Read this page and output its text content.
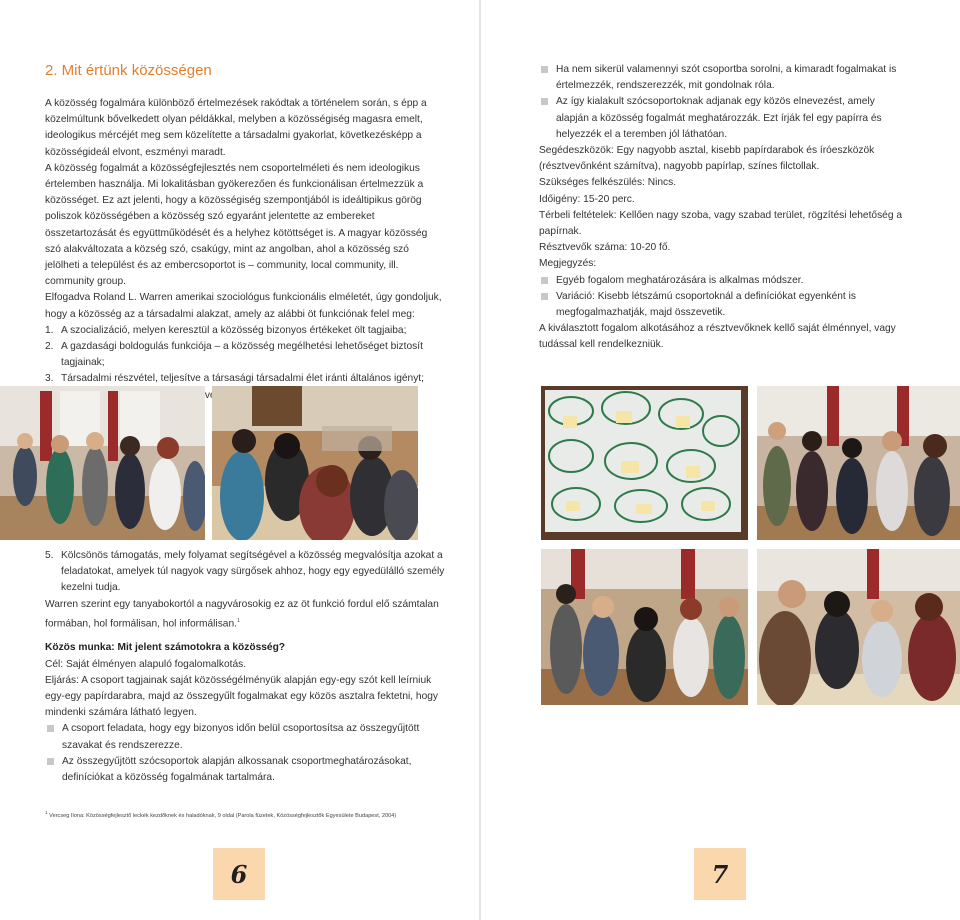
2. Mit értünk közösségen

A közösség fogalmára különböző értelmezések rakódtak a történelem során, s épp a közelmúltunk bővelkedett olyan példákkal, melyben a közösségiség magasra emelt, ideologikus mércéjét meg sem közelítette a társadalmi gyakorlat, következésképp a közösségideál elvont, eszményi maradt.

A közösség fogalmát a közösségfejlesztés nem csoportelméleti és nem ideologikus értelemben használja. Mi lokalitásban gyökerezően és funkcionálisan értelmezzük a közösséget. Ez azt jelenti, hogy a közösségiség szempontjából is ideáltipikus görög poliszok közösségében a közösség szó egyaránt jelentette az embereket összetartozását és együttműködését és a helyhez kötöttséget is. A magyar közösség szó alakváltozata a község szó, csakúgy, mint az angolban, ahol a közösség szó jelölheti a települést és az embercsoportot is – community, local community, ill. community group.

Elfogadva Roland L. Warren amerikai szociológus funkcionális elméletét, úgy gondoljuk, hogy a közösség az a társadalmi alakzat, amely az alábbi öt funkciónak felel meg:

1. A szocializáció, melyen keresztül a közösség bizonyos értékeket ölt tagjaiba;
2. A gazdasági boldogulás funkciója – a közösség megélhetési lehetőséget biztosít tagjainak;
3. Társadalmi részvétel, teljesítve a társasági társadalmi élet iránti általános igényt;
5. Kölcsönös támogatás, mely folyamat segítségével a közösség megvalósítja azokat a feladatokat, amelyek túl nagyok vagy sürgősek ahhoz, hogy egy egyedülálló személy kezelni tudja.

Warren szerint egy tanyabokortól a nagyvárosokig ez az öt funkció fordul elő számtalan formában, hol formálisan, hol informálisan.$^1$

Közös munka: Mit jelent számotokra a közösség?

Cél: Saját élményen alapuló fogalomalkotás.

Eljárás: A csoport tagjainak saját közösségélményük alapján egy-egy szót kell leírniuk egy-egy papírdarabra, majd az összegyűlt fogalmakat egy közös asztalra fektetni, hogy mindenki számára látható legyen.

A csoport feladata, hogy egy bizonyos időn belül csoportosítsa az összegyűjtött szavakat és rendszerezze.
Az összegyűjtött szócsoportok alapján alkossanak csoportmeghatározásokat, definíciókat a közösség fogalmának tartalmára.
$^1$ Vercseg Ilona: Közösségfejlesztő leckék kezdőknek és haladóknak, 9 oldal (Parola füzetek, Közösségfejlesztők Egyesülete Budapest, 2004)
6
Ha nem sikerül valamennyi szót csoportba sorolni, a kimaradt fogalmakat is értelmezzék, rendszerezzék, mit gondolnak róla.
Az így kialakult szócsoportoknak adjanak egy közös elnevezést, amely alapján a közösség fogalmát meghatározzák. Ezt írják fel egy papírra és helyezzék el a teremben jól láthatóan.

Segédeszközök: Egy nagyobb asztal, kisebb papírdarabok és íróeszközök (résztvevőnként számítva), nagyobb papírlap, színes filctollak.

Szükséges felkészülés: Nincs.

Időigény: 15-20 perc.

Térbeli feltételek: Kellően nagy szoba, vagy szabad terület, rögzítési lehetőség a papírnak.

Résztvevők száma: 10-20 fő.

Megjegyzés:

Egyéb fogalom meghatározására is alkalmas módszer.
Variáció: Kisebb létszámú csoportoknál a definíciókat egyenként is megfogalmazhatják, majd összevetik.

A kiválasztott fogalom alkotásához a résztvevőknek kellő saját élménnyel, vagy tudással kell rendelkezniük.

7
